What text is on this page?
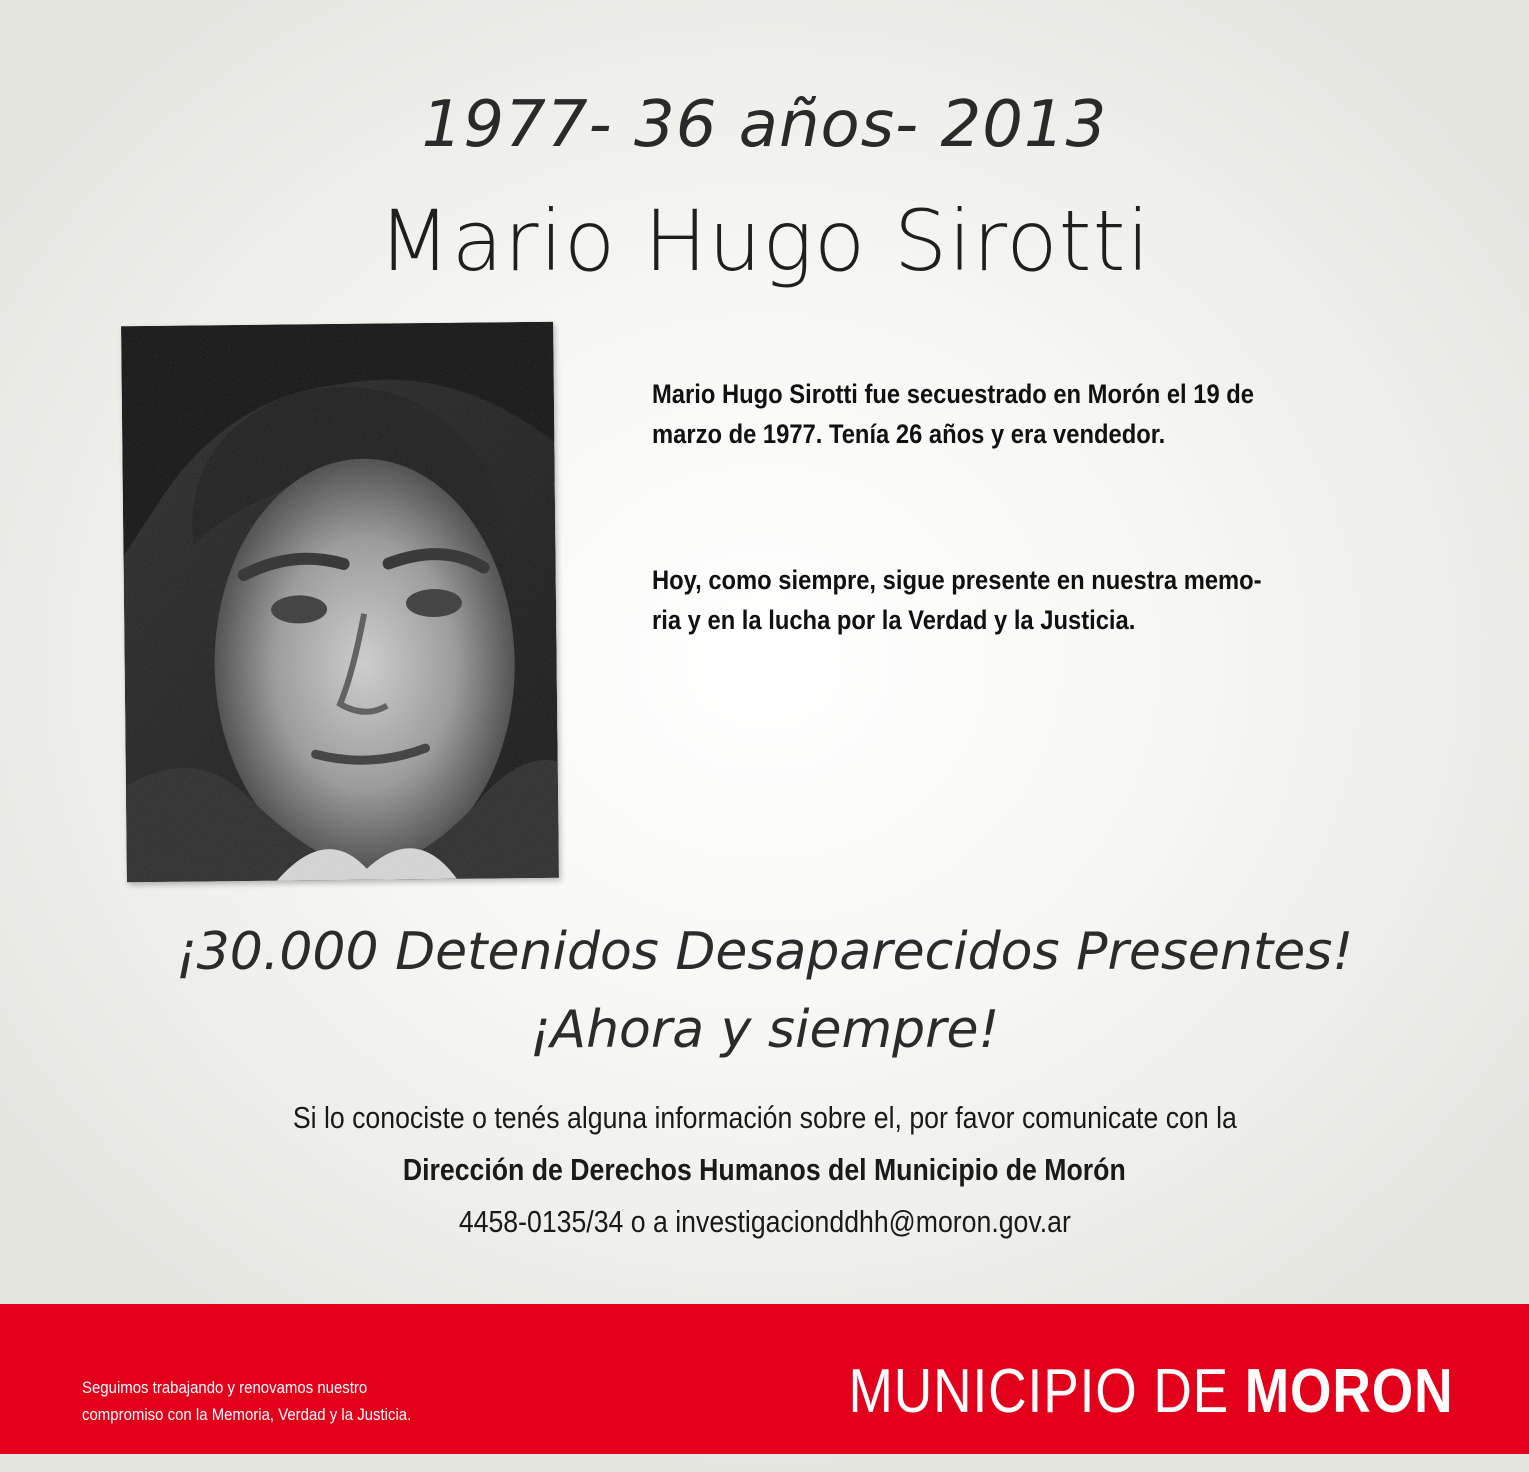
1977- 36 años- 2013
Mario Hugo Sirotti

Mario Hugo Sirotti fue secuestrado en Morón el 19 de

marzo de 1977. Tenía 26 años y era vendedor.

Hoy, como siempre, sigue presente en nuestra memo-

ria y en la lucha por la Verdad y la Justicia.

¡30.000 Detenidos Desaparecidos Presentes!
¡Ahora y siempre!
Si lo conociste o tenés alguna información sobre el, por favor comunicate con la
Dirección de Derechos Humanos del Municipio de Morón
4458-0135/34 o a investigacionddhh@moron.gov.ar

Seguimos trabajando y renovamos nuestro

compromiso con la Memoria, Verdad y la Justicia.	MUNICIPIO DE MORON
